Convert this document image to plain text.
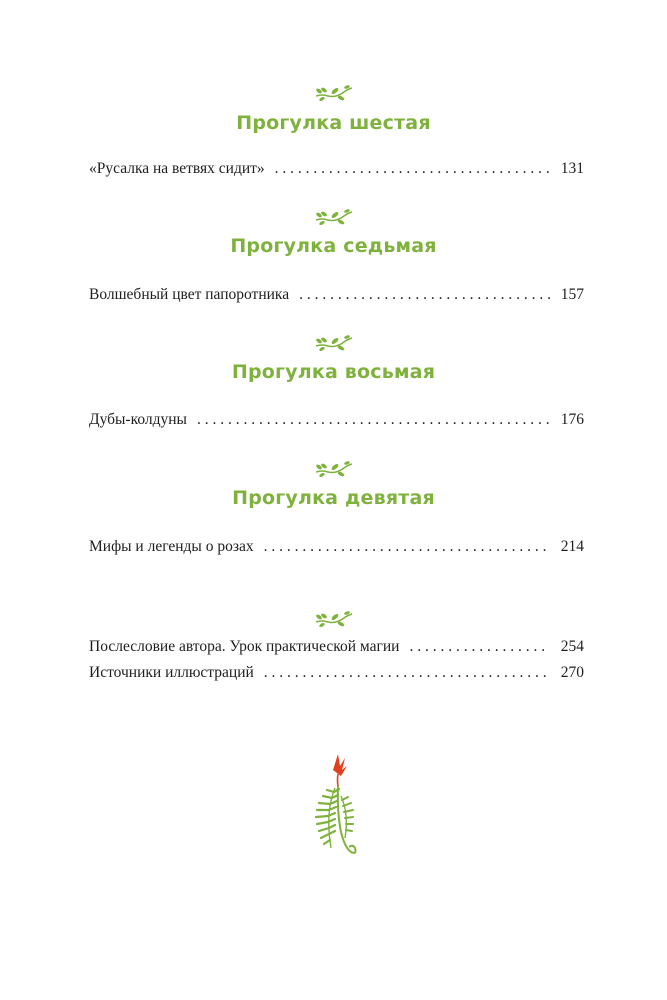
Прогулка шестая
«Русалка на ветвях сидит» . . .	131
Прогулка седьмая
Волшебный цвет папоротника . . .	157
Прогулка восьмая
Дубы-колдуны . . .	176
Прогулка девятая
Мифы и легенды о розах . . .	214
Послесловие автора. Урок практической магии . . .	254
Источники иллюстраций . . .	270
